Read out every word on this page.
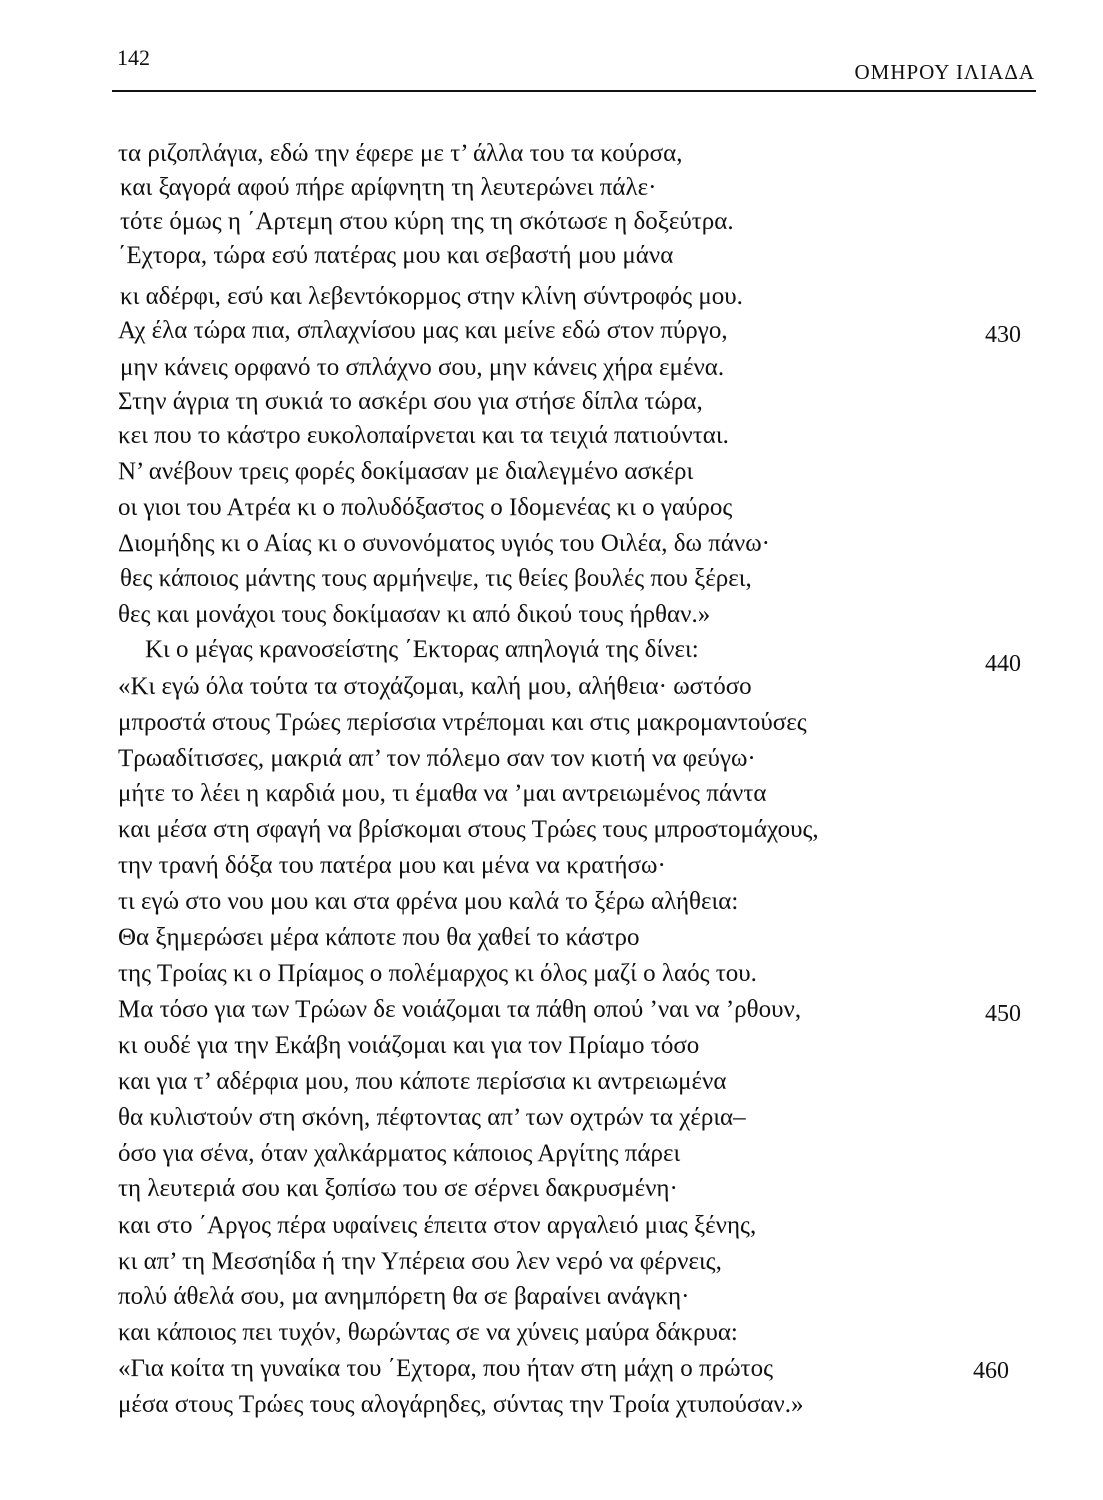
142
ΟΜΗΡΟΥ ΙΛΙΑΔΑ
τα ριζοπλάγια, εδώ την έφερε με τ’ άλλα του τα κούρσα,
και ξαγορά αφού πήρε αρίφνητη τη λευτερώνει πάλε·
τότε όμως η ΄Αρτεμη στου κύρη της τη σκότωσε η δοξεύτρα.
΄Εχτορα, τώρα εσύ πατέρας μου και σεβαστή μου μάνα
κι αδέρφι, εσύ και λεβεντόκορμος στην κλίνη σύντροφός μου.
Αχ έλα τώρα πια, σπλαχνίσου μας και μείνε εδώ στον πύργο,
μην κάνεις ορφανό το σπλάχνο σου, μην κάνεις χήρα εμένα.
Στην άγρια τη συκιά το ασκέρι σου για στήσε δίπλα τώρα,
κει που το κάστρο ευκολοπαίρνεται και τα τειχιά πατιούνται.
Ν’ ανέβουν τρεις φορές δοκίμασαν με διαλεγμένο ασκέρι
οι γιοι του Ατρέα κι ο πολυδόξαστος ο Ιδομενέας κι ο γαύρος
Διομήδης κι ο Αίας κι ο συνονόματος υγιός του Οιλέα, δω πάνω·
θες κάποιος μάντης τους αρμήνεψε, τις θείες βουλές που ξέρει,
θες και μονάχοι τους δοκίμασαν κι από δικού τους ήρθαν.»
Κι ο μέγας κρανοσείστης ΄Εκτορας απηλογιά της δίνει:
«Κι εγώ όλα τούτα τα στοχάζομαι, καλή μου, αλήθεια· ωστόσο
μπροστά στους Τρώες περίσσια ντρέπομαι και στις μακρομαντούσες
Τρωαδίτισσες, μακριά απ’ τον πόλεμο σαν τον κιοτή να φεύγω·
μήτε το λέει η καρδιά μου, τι έμαθα να ’μαι αντρειωμένος πάντα
και μέσα στη σφαγή να βρίσκομαι στους Τρώες τους μπροστομάχους,
την τρανή δόξα του πατέρα μου και μένα να κρατήσω·
τι εγώ στο νου μου και στα φρένα μου καλά το ξέρω αλήθεια:
Θα ξημερώσει μέρα κάποτε που θα χαθεί το κάστρο
της Τροίας κι ο Πρίαμος ο πολέμαρχος κι όλος μαζί ο λαός του.
Μα τόσο για των Τρώων δε νοιάζομαι τα πάθη οπού ’ναι να ’ρθουν,
κι ουδέ για την Εκάβη νοιάζομαι και για τον Πρίαμο τόσο
και για τ’ αδέρφια μου, που κάποτε περίσσια κι αντρειωμένα
θα κυλιστούν στη σκόνη, πέφτοντας απ’ των οχτρών τα χέρια–
όσο για σένα, όταν χαλκάρματος κάποιος Αργίτης πάρει
τη λευτεριά σου και ξοπίσω του σε σέρνει δακρυσμένη·
και στο ΄Αργος πέρα υφαίνεις έπειτα στον αργαλειό μιας ξένης,
κι απ’ τη Μεσσηίδα ή την Υπέρεια σου λεν νερό να φέρνεις,
πολύ άθελά σου, μα ανημπόρετη θα σε βαραίνει ανάγκη·
και κάποιος πει τυχόν, θωρώντας σε να χύνεις μαύρα δάκρυα:
«Για κοίτα τη γυναίκα του ΄Εχτορα, που ήταν στη μάχη ο πρώτος
μέσα στους Τρώες τους αλογάρηδες, σύντας την Τροία χτυπούσαν.»
430
440
450
460
